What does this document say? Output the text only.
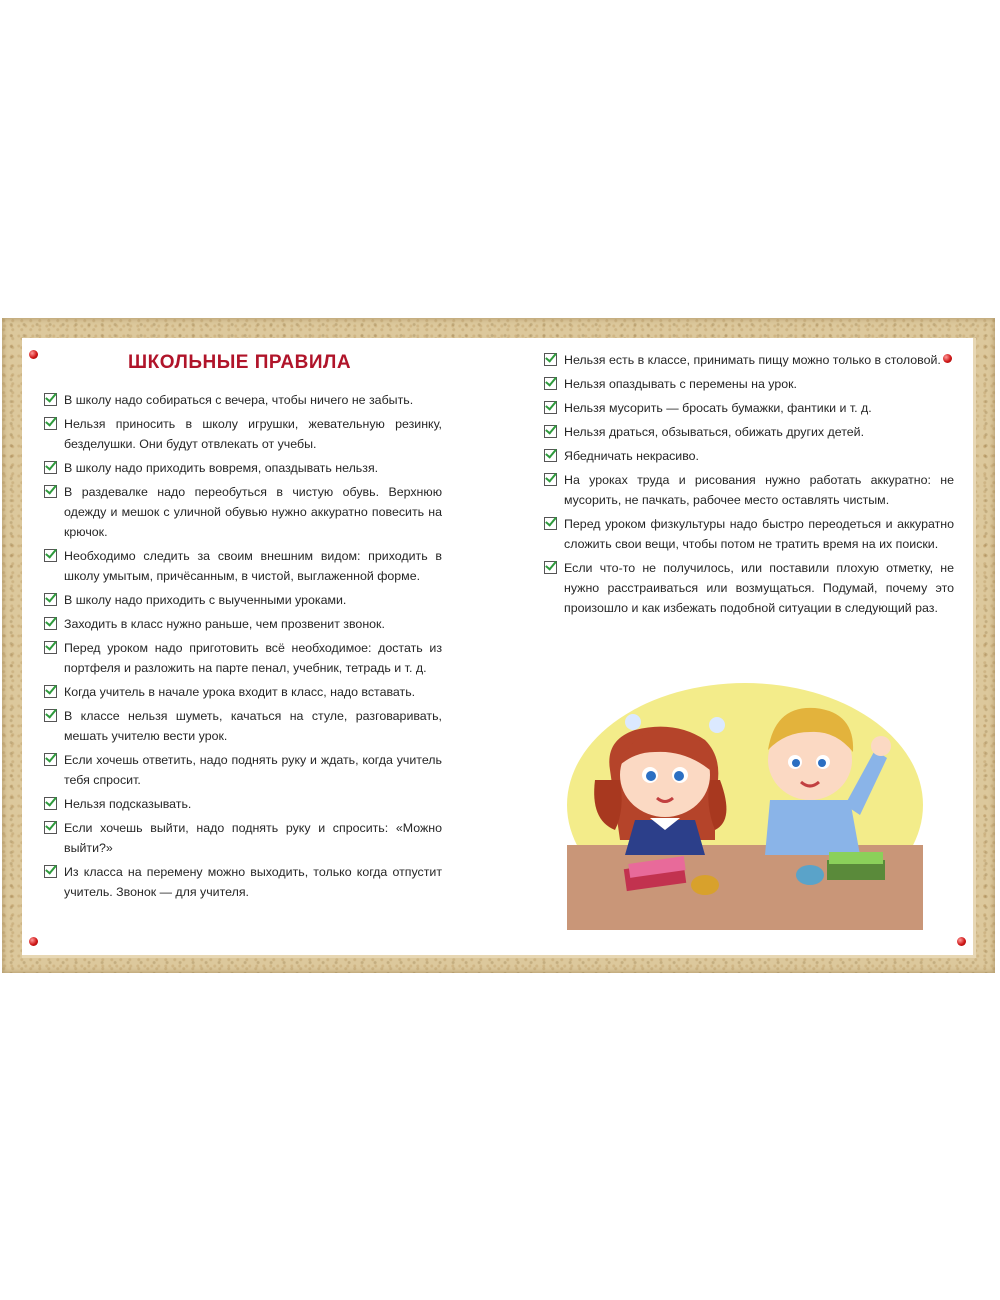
ШКОЛЬНЫЕ ПРАВИЛА
В школу надо собираться с вечера, чтобы ничего не забыть.
Нельзя приносить в школу игрушки, жевательную резинку, безделушки. Они будут отвлекать от учебы.
В школу надо приходить вовремя, опаздывать нельзя.
В раздевалке надо переобуться в чистую обувь. Верхнюю одежду и мешок с уличной обувью нужно аккуратно повесить на крючок.
Необходимо следить за своим внешним видом: приходить в школу умытым, причёсанным, в чистой, выглаженной форме.
В школу надо приходить с выученными уроками.
Заходить в класс нужно раньше, чем прозвенит звонок.
Перед уроком надо приготовить всё необходимое: достать из портфеля и разложить на парте пенал, учебник, тетрадь и т. д.
Когда учитель в начале урока входит в класс, надо вставать.
В классе нельзя шуметь, качаться на стуле, разговаривать, мешать учителю вести урок.
Если хочешь ответить, надо поднять руку и ждать, когда учитель тебя спросит.
Нельзя подсказывать.
Если хочешь выйти, надо поднять руку и спросить: «Можно выйти?»
Из класса на перемену можно выходить, только когда отпустит учитель. Звонок — для учителя.
Нельзя есть в классе, принимать пищу можно только в столовой.
Нельзя опаздывать с перемены на урок.
Нельзя мусорить — бросать бумажки, фантики и т. д.
Нельзя драться, обзываться, обижать других детей.
Ябедничать некрасиво.
На уроках труда и рисования нужно работать аккуратно: не мусорить, не пачкать, рабочее место оставлять чистым.
Перед уроком физкультуры надо быстро переодеться и аккуратно сложить свои вещи, чтобы потом не тратить время на их поиски.
Если что-то не получилось, или поставили плохую отметку, не нужно расстраиваться или возмущаться. Подумай, почему это произошло и как избежать подобной ситуации в следующий раз.
